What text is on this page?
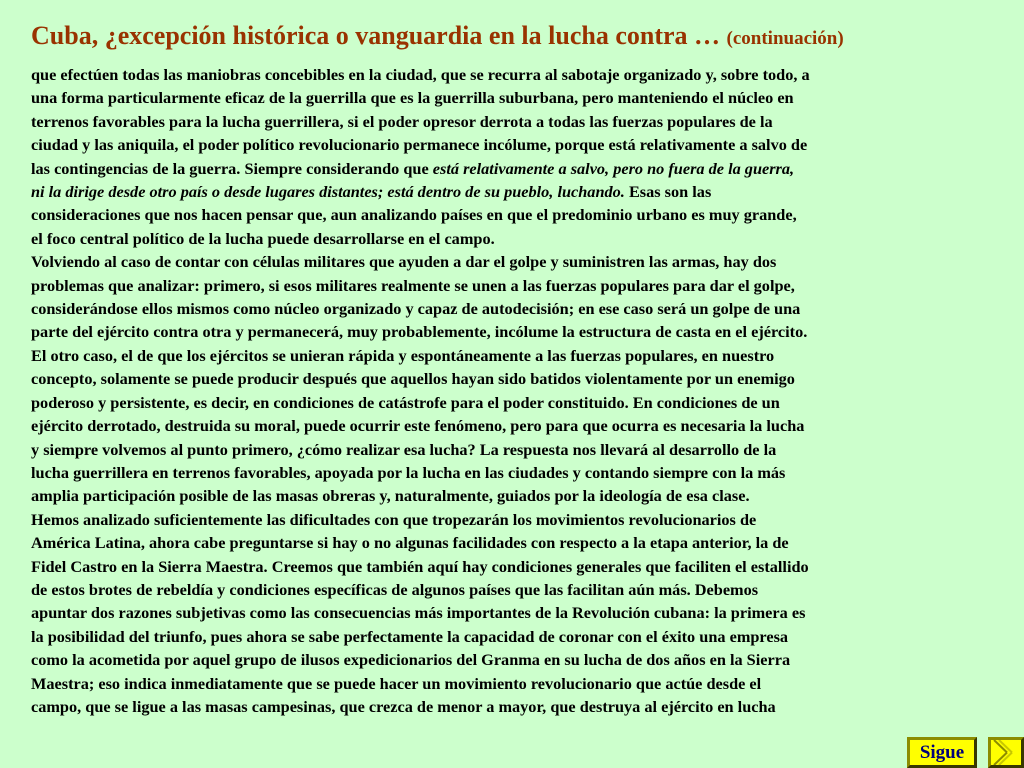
Cuba, ¿excepción histórica o vanguardia en la lucha contra … (continuación)
que efectúen todas las maniobras concebibles en la ciudad, que se recurra al sabotaje organizado y, sobre todo, a
una forma particularmente eficaz de la guerrilla que es la guerrilla suburbana, pero manteniendo el núcleo en
terrenos favorables para la lucha guerrillera, si el poder opresor derrota a todas las fuerzas populares de la
ciudad y las aniquila, el poder político revolucionario permanece incólume, porque está relativamente a salvo de
las contingencias de la guerra. Siempre considerando que está relativamente a salvo, pero no fuera de la guerra,
ni la dirige desde otro país o desde lugares distantes; está dentro de su pueblo, luchando. Esas son las
consideraciones que nos hacen pensar que, aun analizando países en que el predominio urbano es muy grande,
el foco central político de la lucha puede desarrollarse en el campo.
Volviendo al caso de contar con células militares que ayuden a dar el golpe y suministren las armas, hay dos
problemas que analizar: primero, si esos militares realmente se unen a las fuerzas populares para dar el golpe,
considerándose ellos mismos como núcleo organizado y capaz de autodecisión; en ese caso será un golpe de una
parte del ejército contra otra y permanecerá, muy probablemente, incólume la estructura de casta en el ejército.
El otro caso, el de que los ejércitos se unieran rápida y espontáneamente a las fuerzas populares, en nuestro
concepto, solamente se puede producir después que aquellos hayan sido batidos violentamente por un enemigo
poderoso y persistente, es decir, en condiciones de catástrofe para el poder constituido. En condiciones de un
ejército derrotado, destruida su moral, puede ocurrir este fenómeno, pero para que ocurra es necesaria la lucha
y siempre volvemos al punto primero, ¿cómo realizar esa lucha? La respuesta nos llevará al desarrollo de la
lucha guerrillera en terrenos favorables, apoyada por la lucha en las ciudades y contando siempre con la más
amplia participación posible de las masas obreras y, naturalmente, guiados por la ideología de esa clase.
Hemos analizado suficientemente las dificultades con que tropezarán los movimientos revolucionarios de
América Latina, ahora cabe preguntarse si hay o no algunas facilidades con respecto a la etapa anterior, la de
Fidel Castro en la Sierra Maestra. Creemos que también aquí hay condiciones generales que faciliten el estallido
de estos brotes de rebeldía y condiciones específicas de algunos países que las facilitan aún más. Debemos
apuntar dos razones subjetivas como las consecuencias más importantes de la Revolución cubana: la primera es
la posibilidad del triunfo, pues ahora se sabe perfectamente la capacidad de coronar con el éxito una empresa
como la acometida por aquel grupo de ilusos expedicionarios del Granma en su lucha de dos años en la Sierra
Maestra; eso indica inmediatamente que se puede hacer un movimiento revolucionario que actúe desde el
campo, que se ligue a las masas campesinas, que crezca de menor a mayor, que destruya al ejército en lucha
Sigue
